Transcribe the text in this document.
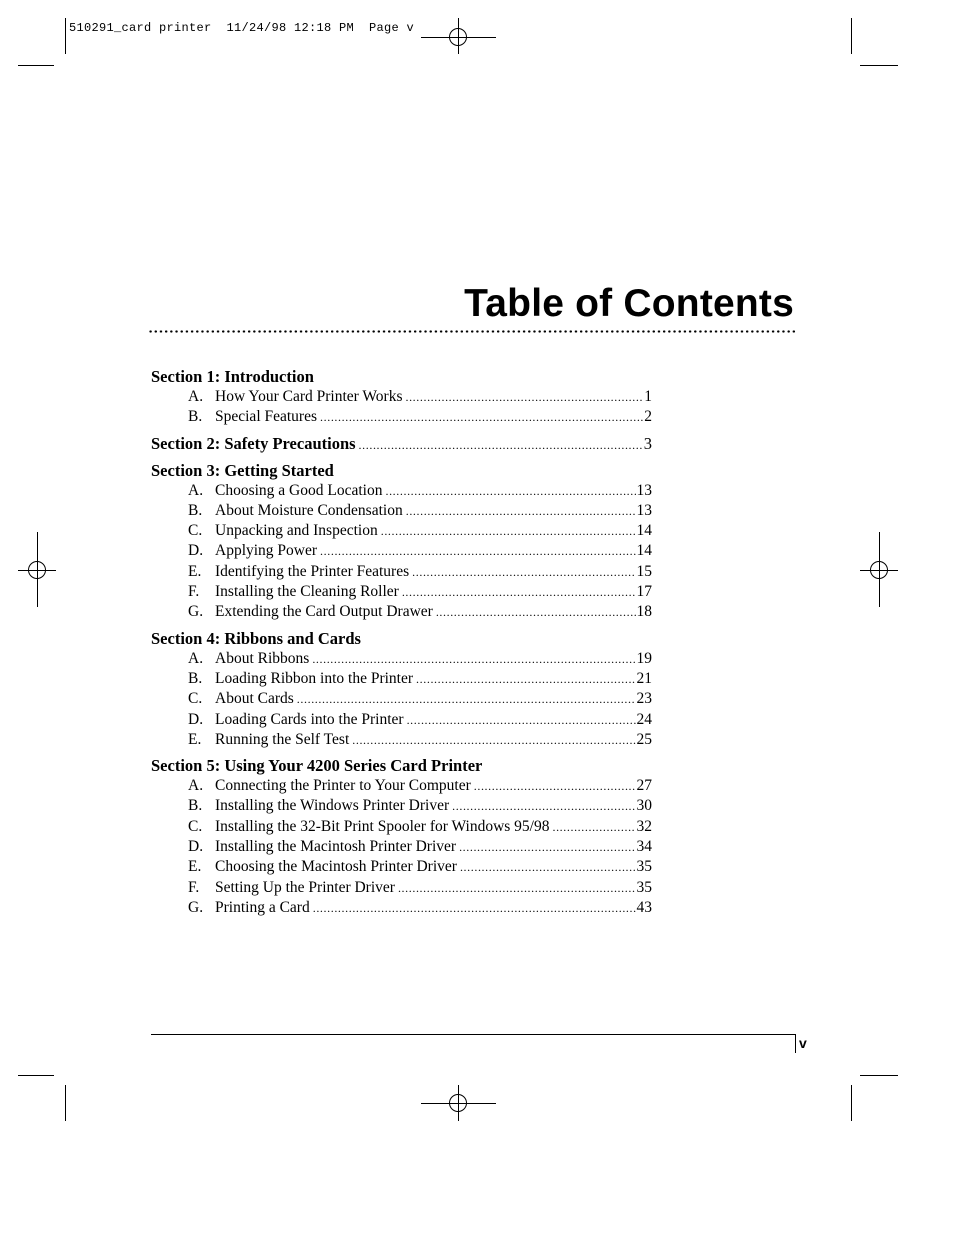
510291_card printer  11/24/98 12:18 PM  Page v
Table of Contents
Section 1: Introduction
A. How Your Card Printer Works .....	1
B. Special Features .....	2
Section 2: Safety Precautions .....	3
Section 3: Getting Started
A. Choosing a Good Location .....	13
B. About Moisture Condensation .....	13
C. Unpacking and Inspection .....	14
D. Applying Power .....	14
E. Identifying the Printer Features .....	15
F.	Installing the Cleaning Roller .....	17
G. Extending the Card Output Drawer .....	18
Section 4: Ribbons and Cards
A. About Ribbons .....	19
B. Loading Ribbon into the Printer .....	21
C. About Cards .....	23
D. Loading Cards into the Printer .....	24
E. Running the Self Test .....	25
Section 5: Using Your 4200 Series Card Printer
A. Connecting the Printer to Your Computer .....	27
B. Installing the Windows Printer Driver .....	30
C. Installing the 32-Bit Print Spooler for Windows 95/98 .....	32
D. Installing the Macintosh Printer Driver .....	34
E. Choosing the Macintosh Printer Driver .....	35
F.	Setting Up the Printer Driver .....	35
G. Printing a Card .....	43
v
